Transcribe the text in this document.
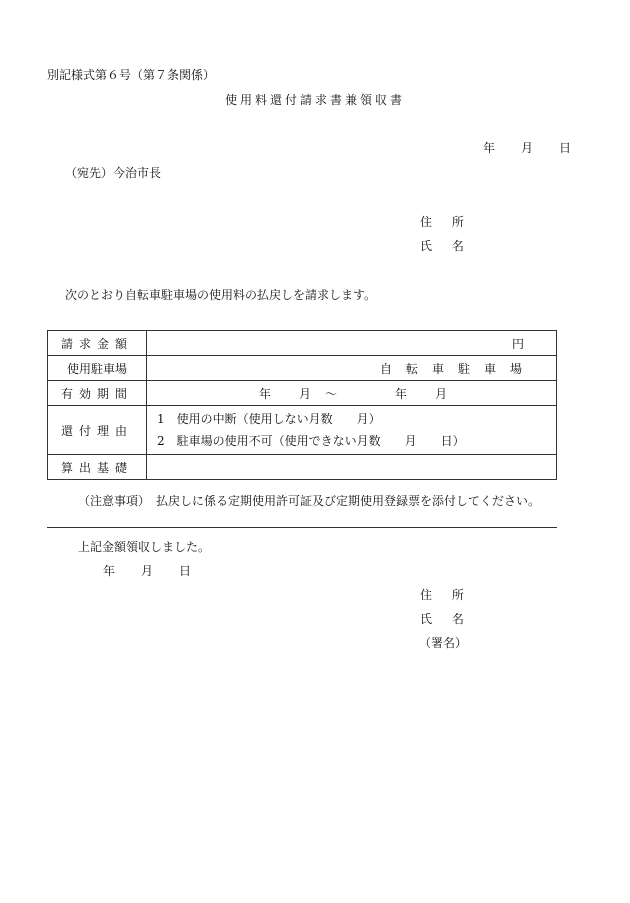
別記様式第６号（第７条関係）
使用料還付請求書兼領収書
年 月 日
（宛先）今治市長
住 所
氏 名
次のとおり自転車駐車場の使用料の払戻しを請求します。
請求金額	円
使用駐車場	自転車駐車場
有効期間	年 月 ～ 年 月
還付理由	1　使用の中断（使用しない月数　　月）
2　駐車場の使用不可（使用できない月数　　月　　日）

算出基礎	
（注意事項）　払戻しに係る定期使用許可証及び定期使用登録票を添付してください。
上記金額領収しました。
年 月 日
住 所
氏 名
（署名）
